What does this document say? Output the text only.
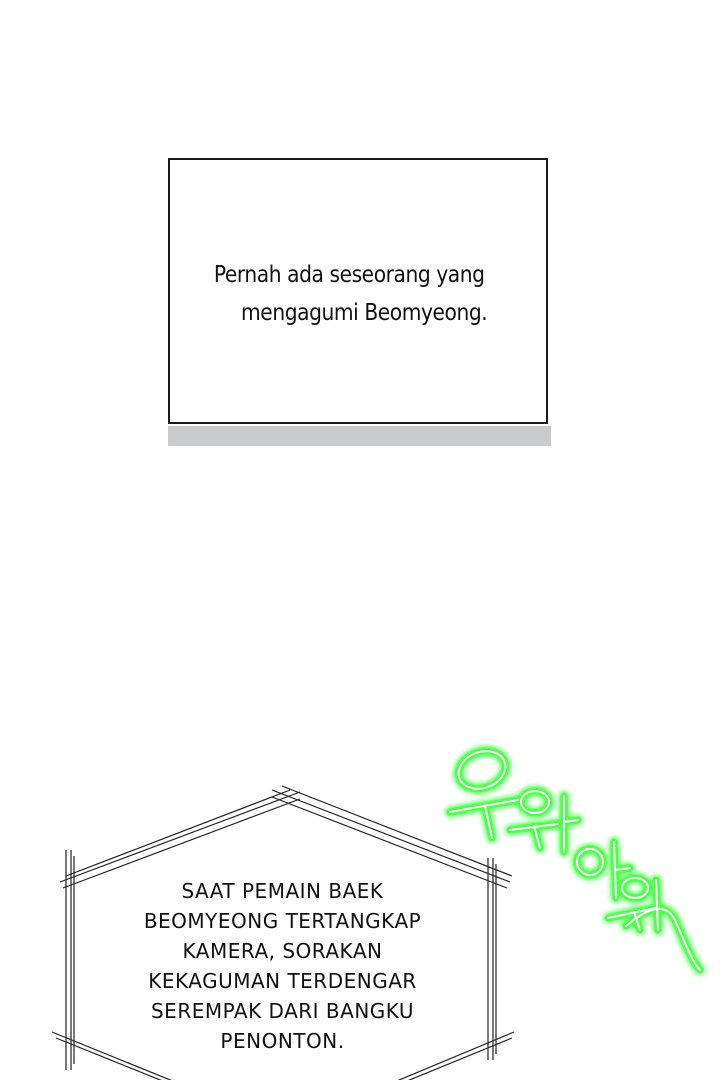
Pernah ada seseorang yang
mengagumi Beomyeong.
SAAT PEMAIN BAEK
BEOMYEONG TERTANGKAP
KAMERA, SORAKAN
KEKAGUMAN TERDENGAR
SEREMPAK DARI BANGKU
PENONTON.
